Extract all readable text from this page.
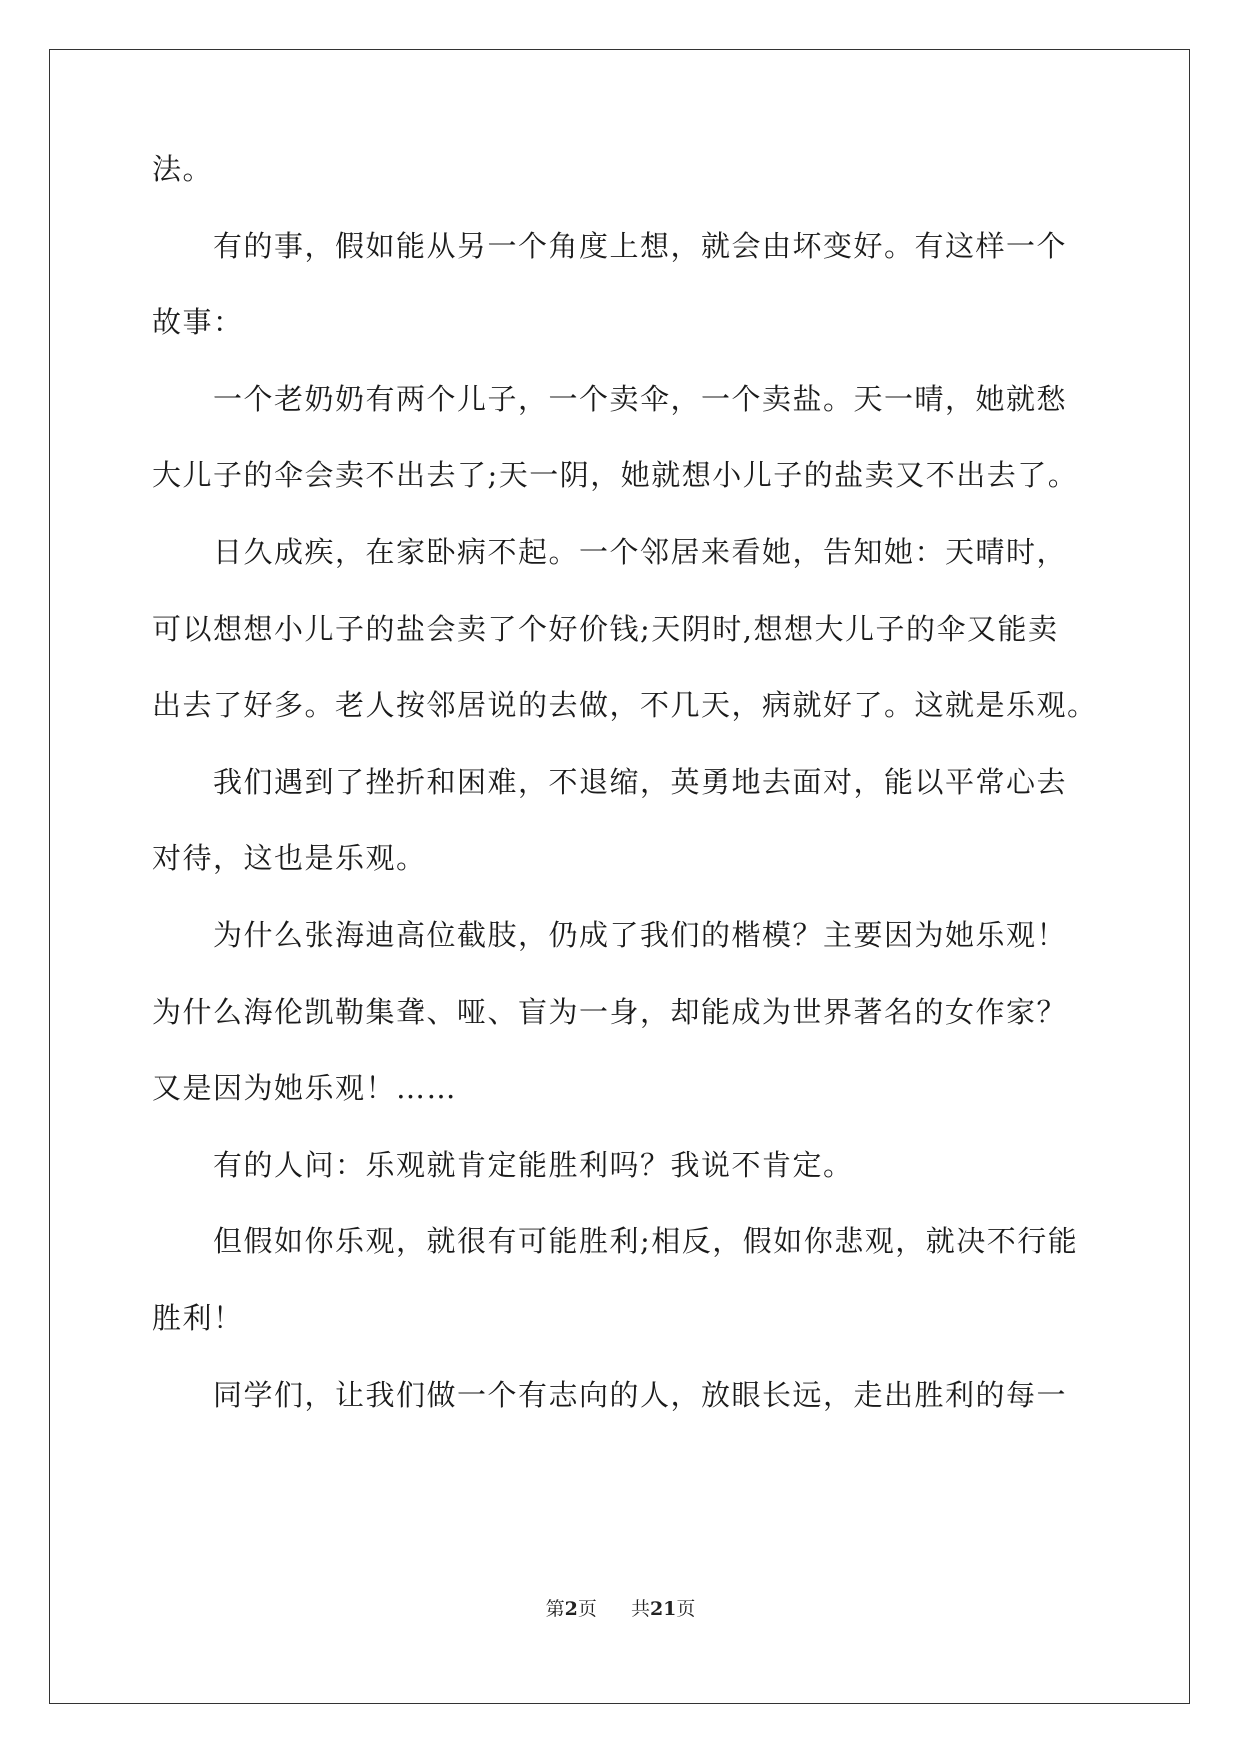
法。
　　有的事，假如能从另一个角度上想，就会由坏变好。有这样一个
故事：
　　一个老奶奶有两个儿子，一个卖伞，一个卖盐。天一晴，她就愁
大儿子的伞会卖不出去了;天一阴，她就想小儿子的盐卖又不出去了。
　　日久成疾，在家卧病不起。一个邻居来看她，告知她：天晴时，
可以想想小儿子的盐会卖了个好价钱;天阴时,想想大儿子的伞又能卖
出去了好多。老人按邻居说的去做，不几天，病就好了。这就是乐观。
　　我们遇到了挫折和困难，不退缩，英勇地去面对，能以平常心去
对待，这也是乐观。
　　为什么张海迪高位截肢，仍成了我们的楷模？主要因为她乐观！
为什么海伦凯勒集聋、哑、盲为一身，却能成为世界著名的女作家？
又是因为她乐观！……
　　有的人问：乐观就肯定能胜利吗？我说不肯定。
　　但假如你乐观，就很有可能胜利;相反，假如你悲观，就决不行能
胜利！
　　同学们，让我们做一个有志向的人，放眼长远，走出胜利的每一
第2页 共21页
